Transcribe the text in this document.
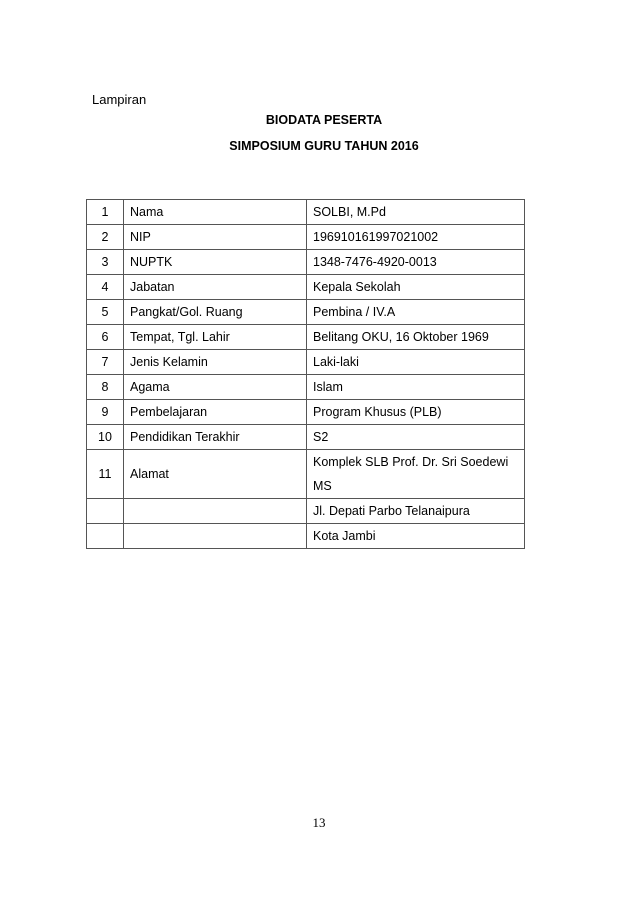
Lampiran
BIODATA PESERTA
SIMPOSIUM GURU TAHUN 2016
1	Nama	SOLBI, M.Pd
2	NIP	196910161997021002
3	NUPTK	1348-7476-4920-0013
4	Jabatan	Kepala Sekolah
5	Pangkat/Gol. Ruang	Pembina / IV.A
6	Tempat, Tgl. Lahir	Belitang OKU, 16 Oktober 1969
7	Jenis Kelamin	Laki-laki
8	Agama	Islam
9	Pembelajaran	Program Khusus (PLB)
10	Pendidikan Terakhir	S2
11	Alamat	Komplek SLB Prof. Dr. Sri Soedewi
MS

		Jl. Depati Parbo Telanaipura
		Kota Jambi
13
